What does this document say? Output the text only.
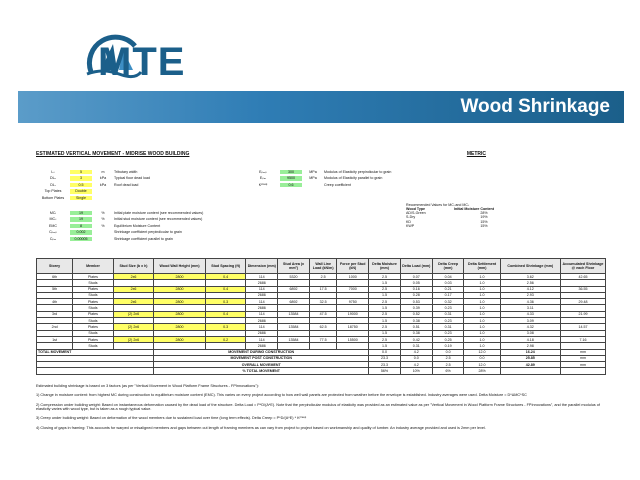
MTE
Wood Shrinkage
ESTIMATED VERTICAL MOVEMENT - MIDRISE WOOD BUILDING	METRIC
Lₛ	5	m	Tributary width
DLᵤ	3	kPa	Typical floor dead load
DLᵣ	0.5	kPa	Roof dead load
Top Plates	Double
Bottom Plates	Single
Eₚₑᵣₚ	300	MPa	Modulus of Elasticity perpindicular to grain
Eₚₐᵣ	9500	MPa	Modulus of Elasticity parallel to grain
Kᶜʳᵉᵉᵖ	0.6	Creep coefficient
MCᵢ	19	%	Initial plate moisture content (see recommended values)
MCₛ	19	%	Initial stud moisture content (see recommended values)
EMC	8	%	Equilibrium Moisture Content
Cₚₑᵣₚ	0.002	Shrinkage coefficient perpindicular to grain
Cₚₐᵣ	0.00005	Shrinkage coefficient parallel to grain
Recommended Values for MCᵢ and MCₛ
Wood Type	Initial Moisture Content
AD/S-Green	28%
S-Dry	19%
KD	15%
KWP	15%
Storey	Member	Stud Size (b x h)	Wood Wall Height (mm)	Stud Spacing (ft)	Dimension (mm)	Stud Area (x mm²)	Wall Line Load (kN/m)	Force per Stud (kN)	Delta Moisture (mm)	Delta Load (mm)	Delta Creep (mm)	Delta Settlement (mm)	Combined Shrinkage (mm)	Accumulated Shrinkage @ each Floor
6th	Plates	2x6	2800	0.4	114	5320	2.5	1000	2.5	0.07	0.04	1.0	3.62	42.65
	Studs				2686				1.5	0.05	0.03	1.0	2.56	
5th	Plates	2x6	2800	0.4	114	6892	17.5	7000	2.5	0.16	0.21	1.0	4.12	36.55
	Studs				2686				1.5	0.28	0.17	1.0	2.93	
4th	Plates	2x6	2800	0.3	114	6892	32.5	9750	2.5	0.53	0.32	1.0	4.36	29.48
	Studs				2686				1.5	0.39	0.23	1.0	3.11	
3rd	Plates	(2) 2x6	2800	0.4	114	13584	47.5	19000	2.5	0.52	0.31	1.0	4.33	21.99
	Studs				2686				1.5	0.38	0.23	1.0	3.09	
2nd	Plates	(2) 2x6	2800	0.3	114	13584	62.5	18750	2.5	0.51	0.31	1.0	4.32	14.57
	Studs				2686				1.5	0.38	0.23	1.0	3.08	
1st	Plates	(2) 2x6	2800	0.2	114	13584	77.5	15500	2.5	0.42	0.25	1.0	4.18	7.16
	Studs				2686				1.5	0.31	0.19	1.0	2.98	
TOTAL MOVEMENT			MOVEMENT DURING CONSTRUCTION						0.0	4.2	0.0	12.0	16.24	mm
			MOVEMENT POST CONSTRUCTION						23.3	0.0	2.5	0.0	25.85	mm
			OVERALL MOVEMENT						23.3	4.2	2.5	12.0	42.89	mm
			% TOTAL MOVEMENT						56%	10%	6%	28%		

Estimated building shrinkage is based on 3 factors (as per "Vertical Movement in Wood Platform Frame Structures - FPInnovations"):

1) Change in moisture content: from highest MC during construction to equilibrium moisture content (EMC). This varies on every project according to how well wall panels are protected from weather before the envelope is established. Industry averages were used. Delta Moisture = D*ΔMC*SC

2) Compression under building weight: Based on instantaneous deformation caused by the dead load of the structure. Delta Load = P*D/(A*E). Note that the perpindicular modulus of elasticity was provided as an estimated value as per "Vertical Movement in Wood Platform Frame Structures - FPInnovations", and the parallel modulus of elasticity varies with wood type, but is taken as a rough typical value.

3) Creep under building weight: Based on deformation of the wood members due to sustained load over time (long term effects). Delta Creep = P*D/(A*E) * Kᶜʳᵉᵉᵖ

4) Closing of gaps in framing: This accounts for warped or misaligned members and gaps between cut length of framing members as can vary from project to project based on workmanship and quality of lumber. An industry average provided and used is 2mm per level.
